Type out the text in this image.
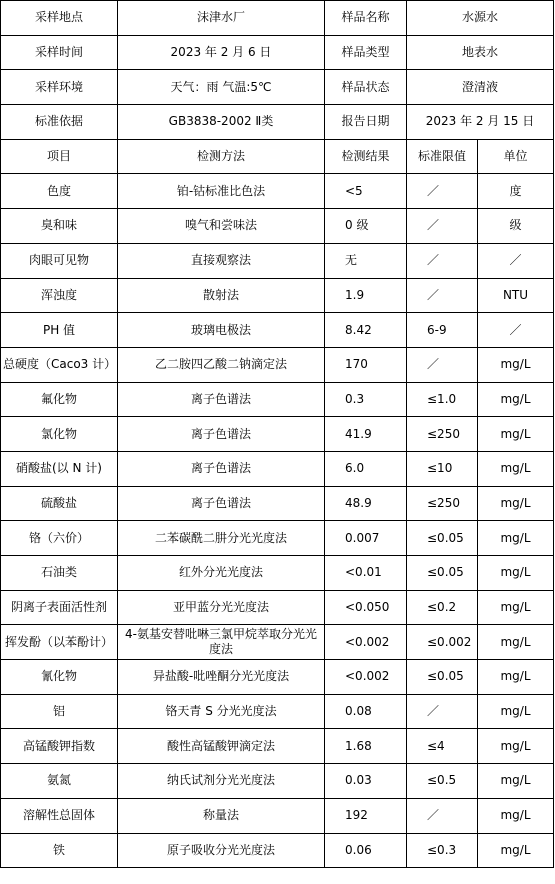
采样地点	沫津水厂	样品名称	水源水	
采样时间	2023 年 2 月 6 日	样品类型	地表水	
采样环境	天气：雨 气温:5℃	样品状态	澄清液	
标准依据	GB3838-2002 Ⅱ类	报告日期	2023 年 2 月 15 日	
项目	检测方法	检测结果	标准限值	单位
色度	铂-钴标准比色法	<5	／	度
臭和味	嗅气和尝味法	0 级	／	级
肉眼可见物	直接观察法	无	／	／
浑浊度	散射法	1.9	／	NTU
PH 值	玻璃电极法	8.42	6-9	／
总硬度（Caco3 计）	乙二胺四乙酸二钠滴定法	170	／	mg/L
氟化物	离子色谱法	0.3	≤1.0	mg/L
氯化物	离子色谱法	41.9	≤250	mg/L
硝酸盐(以 N 计)	离子色谱法	6.0	≤10	mg/L
硫酸盐	离子色谱法	48.9	≤250	mg/L
铬（六价）	二苯碳酰二肼分光光度法	0.007	≤0.05	mg/L
石油类	红外分光光度法	<0.01	≤0.05	mg/L
阴离子表面活性剂	亚甲蓝分光光度法	<0.050	≤0.2	mg/L
挥发酚（以苯酚计）	4-氨基安替吡啉三氯甲烷萃取分光光度法	<0.002	≤0.002	mg/L
氰化物	异盐酸-吡唑酮分光光度法	<0.002	≤0.05	mg/L
铝	铬天青 S 分光光度法	0.08	／	mg/L
高锰酸钾指数	酸性高锰酸钾滴定法	1.68	≤4	mg/L
氨氮	纳氏试剂分光光度法	0.03	≤0.5	mg/L
溶解性总固体	称量法	192	／	mg/L
铁	原子吸收分光光度法	0.06	≤0.3	mg/L
